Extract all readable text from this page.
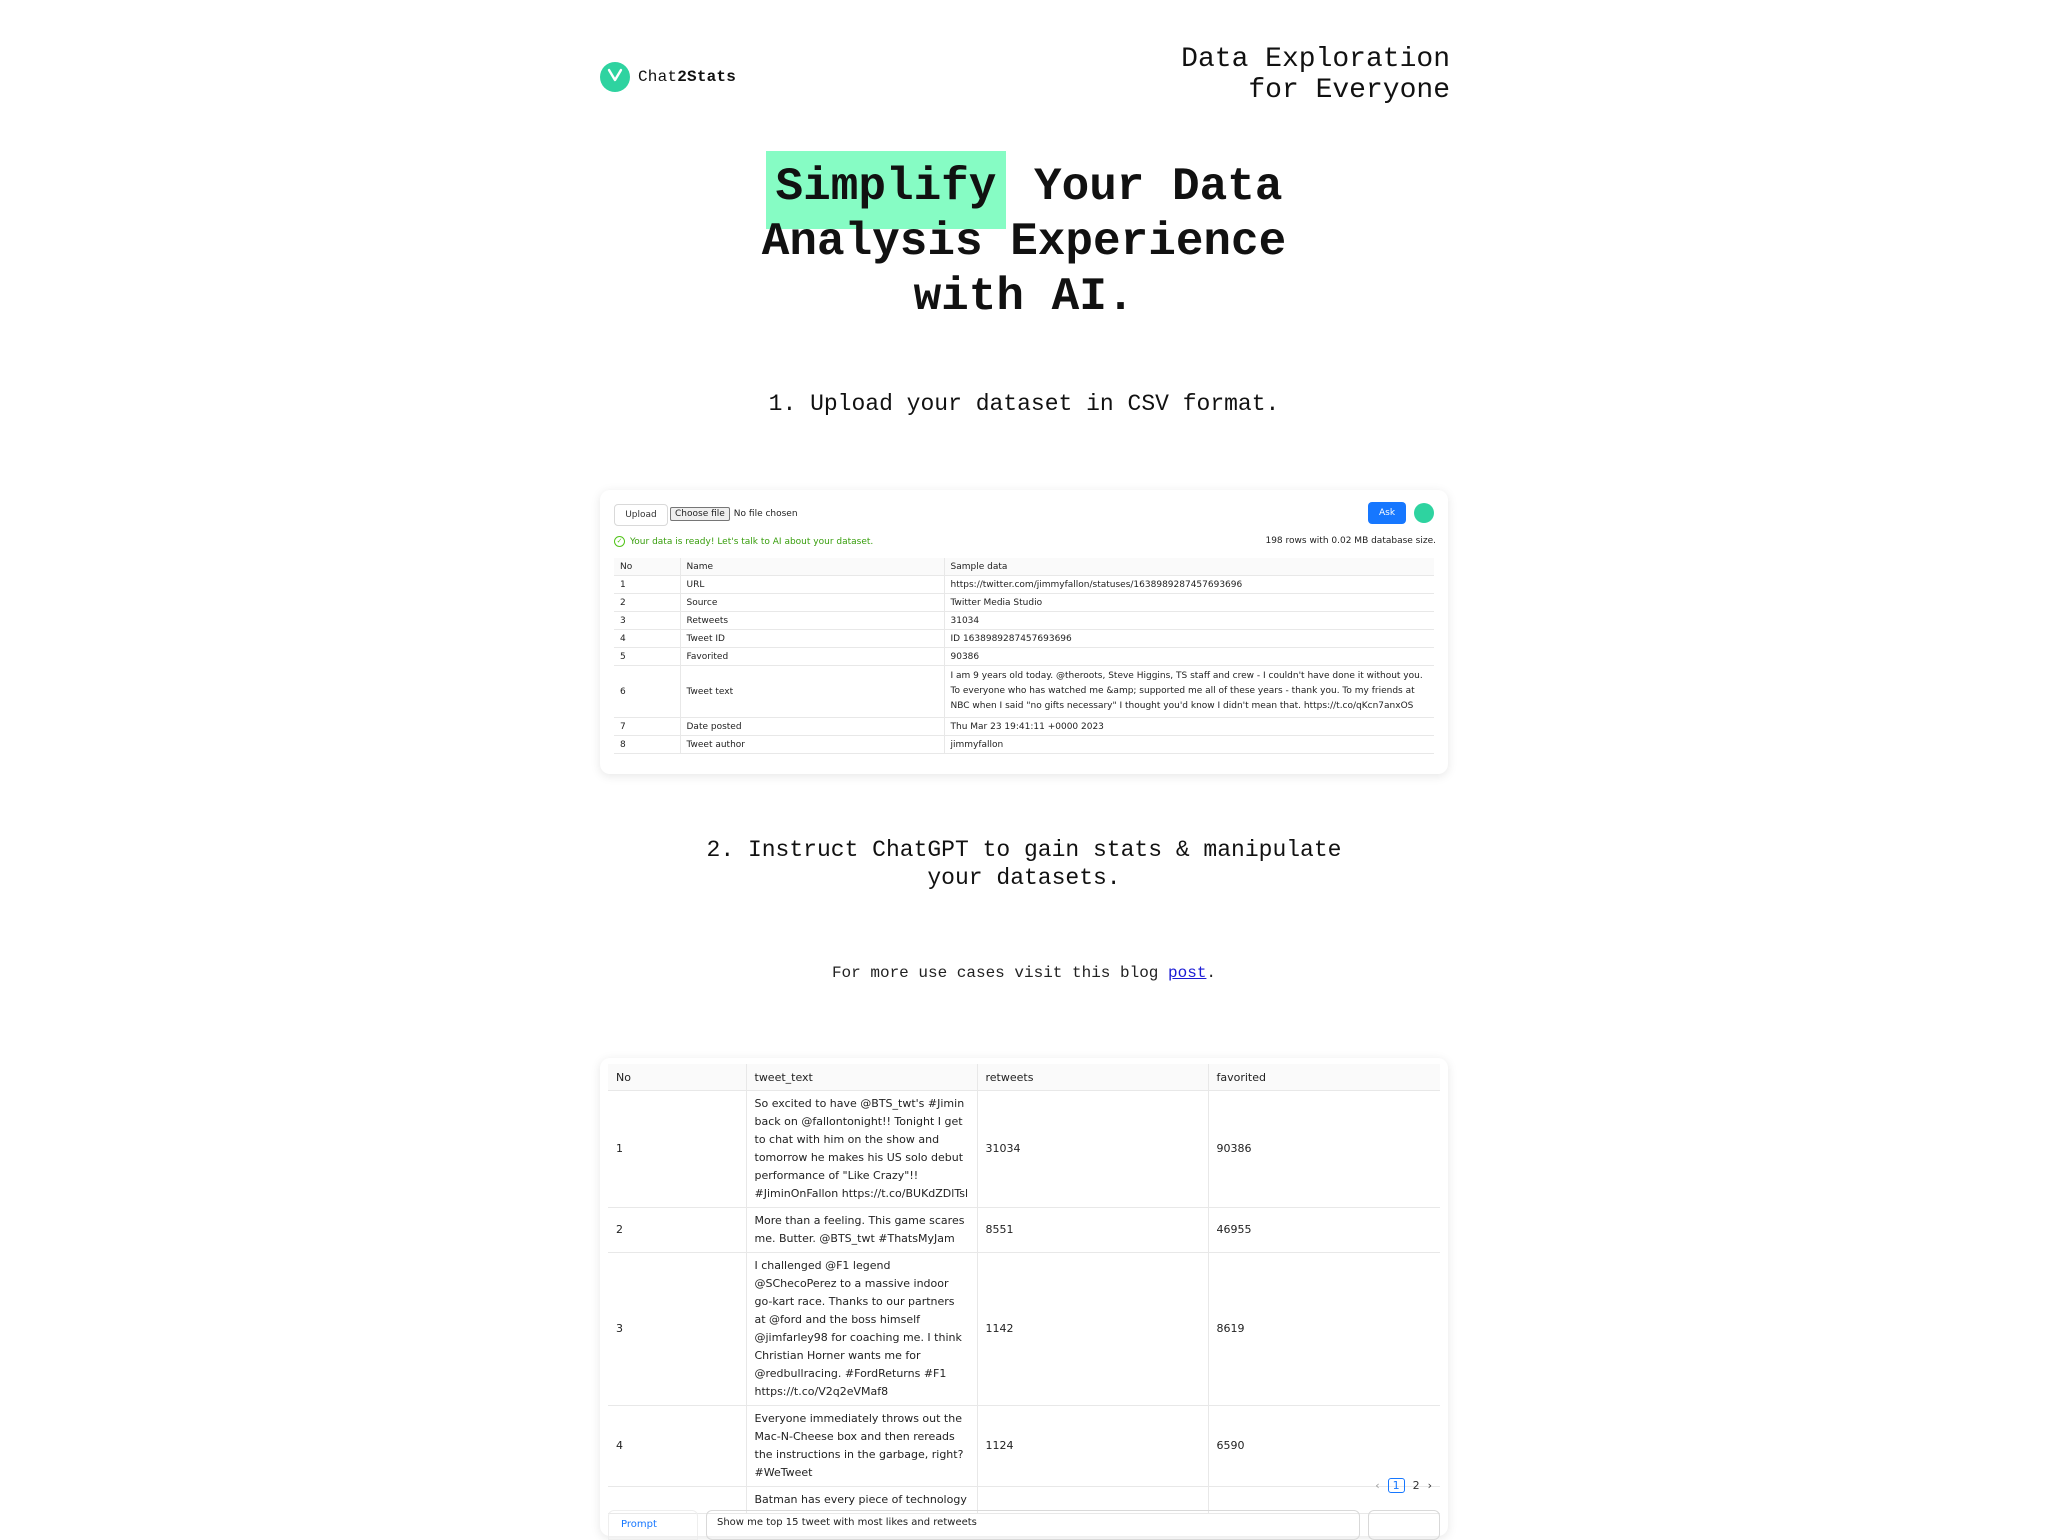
Chat2Stats
Data Exploration
for Everyone
Simplify Your Data
Analysis Experience
with AI.
1. Upload your dataset in CSV format.
Upload	Choose file	No file chosen	Ask
✓ Your data is ready! Let's talk to AI about your dataset.	198 rows with 0.02 MB database size.
No	Name	Sample data
1	URL	https://twitter.com/jimmyfallon/statuses/1638989287457693696
2	Source	Twitter Media Studio
3	Retweets	31034
4	Tweet ID	ID 1638989287457693696
5	Favorited	90386
6	Tweet text	I am 9 years old today. @theroots, Steve Higgins, TS staff and crew - I couldn't have done it without you. To everyone who has watched me &amp; supported me all of these years - thank you. To my friends at NBC when I said "no gifts necessary" I thought you'd know I didn't mean that. https://t.co/qKcn7anxOS
7	Date posted	Thu Mar 23 19:41:11 +0000 2023
8	Tweet author	jimmyfallon
2. Instruct ChatGPT to gain stats & manipulate
your datasets.
For more use cases visit this blog post.
No	tweet_text	retweets	favorited
1	So excited to have @BTS_twt's #Jimin back on @fallontonight!! Tonight I get to chat with him on the show and tomorrow he makes his US solo debut performance of "Like Crazy"!! #JiminOnFallon https://t.co/BUKdZDlTsl	31034	90386
2	More than a feeling. This game scares me. Butter. @BTS_twt #ThatsMyJam	8551	46955
3	I challenged @F1 legend @SChecoPerez to a massive indoor go-kart race. Thanks to our partners at @ford and the boss himself @jimfarley98 for coaching me. I think Christian Horner wants me for @redbullracing. #FordReturns #F1 https://t.co/V2q2eVMaf8	1142	8619
4	Everyone immediately throws out the Mac-N-Cheese box and then rereads the instructions in the garbage, right? #WeTweet	1124	6590
	Batman has every piece of technology		
‹	1	2 ›
Prompt	Show me top 15 tweet with most likes and retweets
